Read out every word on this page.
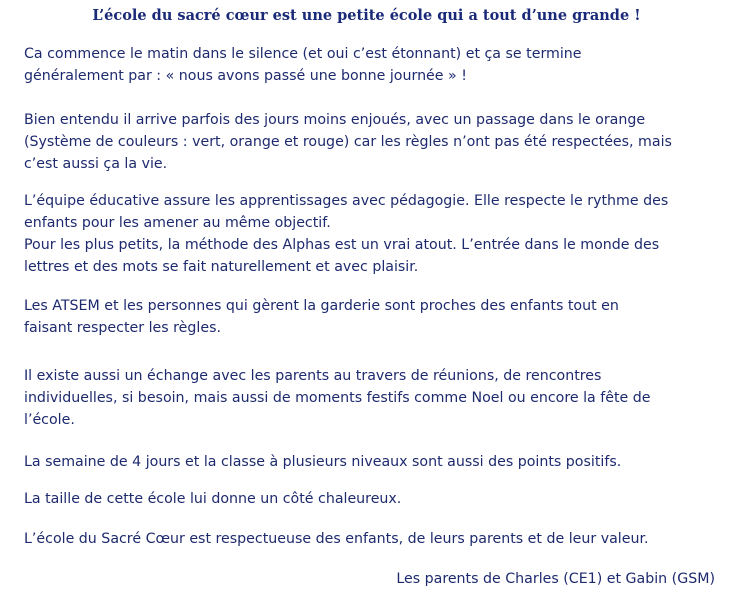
L’école du sacré cœur est une petite école qui a tout d’une grande !

Ca commence le matin dans le silence (et oui c’est étonnant) et ça se termine
généralement par : « nous avons passé une bonne journée » !

Bien entendu il arrive parfois des jours moins enjoués, avec un passage dans le orange
(Système de couleurs : vert, orange et rouge) car les règles n’ont pas été respectées, mais
c’est aussi ça la vie.

L’équipe éducative assure les apprentissages avec pédagogie. Elle respecte le rythme des
enfants pour les amener au même objectif.
Pour les plus petits, la méthode des Alphas est un vrai atout. L’entrée dans le monde des
lettres et des mots se fait naturellement et avec plaisir.

Les ATSEM et les personnes qui gèrent la garderie sont proches des enfants tout en
faisant respecter les règles.

Il existe aussi un échange avec les parents au travers de réunions, de rencontres
individuelles, si besoin, mais aussi de moments festifs comme Noel ou encore la fête de
l’école.

La semaine de 4 jours et la classe à plusieurs niveaux sont aussi des points positifs.

La taille de cette école lui donne un côté chaleureux.

L’école du Sacré Cœur est respectueuse des enfants, de leurs parents et de leur valeur.

Les parents de Charles (CE1) et Gabin (GSM)
